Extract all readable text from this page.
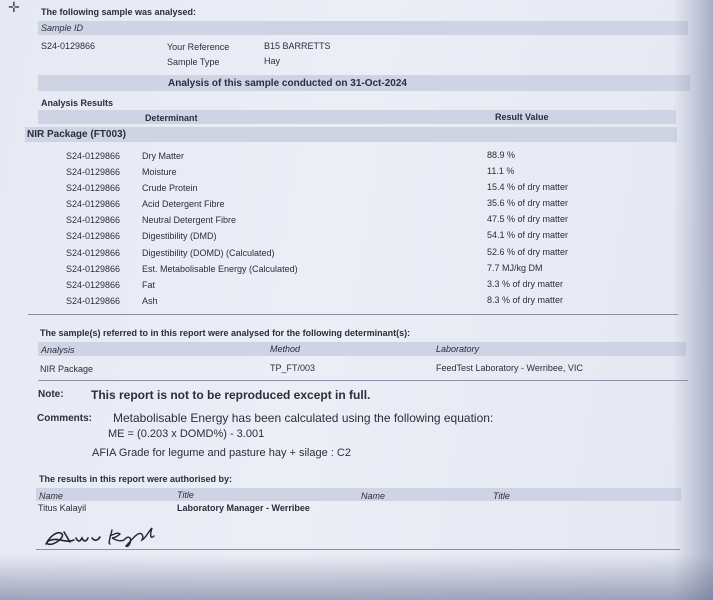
✛ The following sample was analysed:
Sample ID
S24-0129866	Your Reference	B15 BARRETTS
Sample Type	Hay
Analysis of this sample conducted on 31-Oct-2024
Analysis Results
Determinant	Result Value
NIR Package (FT003)
S24-0129866 Dry Matter	88.9 %
S24-0129866 Moisture	11.1 %
S24-0129866 Crude Protein	15.4 % of dry matter
S24-0129866 Acid Detergent Fibre	35.6 % of dry matter
S24-0129866 Neutral Detergent Fibre	47.5 % of dry matter
S24-0129866 Digestibility (DMD)	54.1 % of dry matter
S24-0129866 Digestibility (DOMD) (Calculated)	52.6 % of dry matter
S24-0129866 Est. Metabolisable Energy (Calculated)	7.7 MJ/kg DM
S24-0129866 Fat	3.3 % of dry matter
S24-0129866 Ash	8.3 % of dry matter
The sample(s) referred to in this report were analysed for the following determinant(s):
Analysis	Method	Laboratory
NIR Package	TP_FT/003	FeedTest Laboratory - Werribee, VIC
Note: This report is not to be reproduced except in full.
Comments: Metabolisable Energy has been calculated using the following equation:
ME = (0.203 x DOMD%) - 3.001
AFIA Grade for legume and pasture hay + silage : C2
The results in this report were authorised by:
Name	Title	Name	Title
Titus Kalayil	Laboratory Manager - Werribee
